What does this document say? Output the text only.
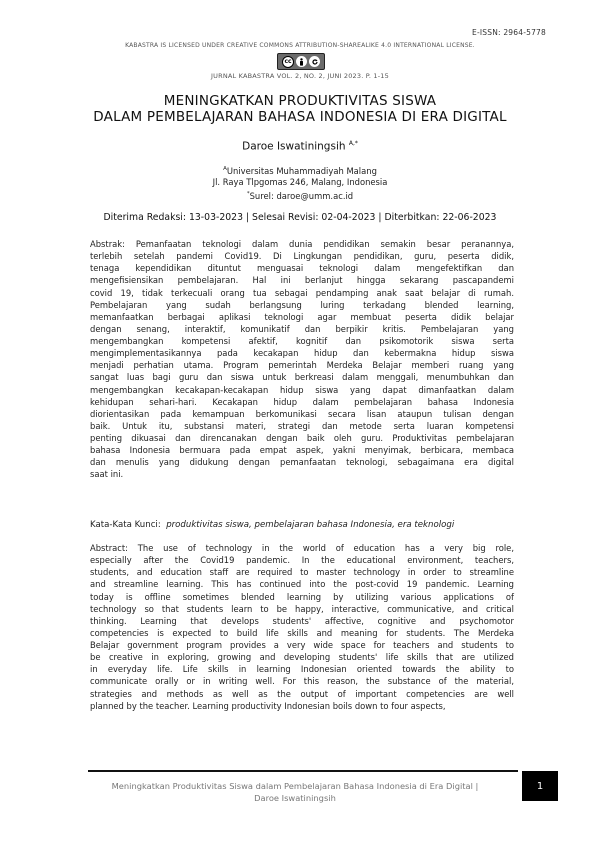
E-ISSN: 2964-5778
KABASTRA IS LICENSED UNDER CREATIVE COMMONS ATTRIBUTION-SHAREALIKE 4.0 INTERNATIONAL LICENSE.
cc
JURNAL KABASTRA VOL. 2, NO. 2, JUNI 2023. P. 1-15
MENINGKATKAN PRODUKTIVITAS SISWA
DALAM PEMBELAJARAN BAHASA INDONESIA DI ERA DIGITAL
Daroe Iswatiningsih $^{A,*}$
$^A$Universitas Muhammadiyah Malang
Jl. Raya Tlpgomas 246, Malang, Indonesia
*Surel: daroe@umm.ac.id
Diterima Redaksi: 13-03-2023 | Selesai Revisi: 02-04-2023 | Diterbitkan: 22-06-2023
Abstrak: Pemanfaatan teknologi dalam dunia pendidikan semakin besar peranannya,
terlebih setelah pandemi Covid19. Di Lingkungan pendidikan, guru, peserta didik,
tenaga kependidikan dituntut menguasai teknologi dalam mengefektifkan dan
mengefisiensikan pembelajaran. Hal ini berlanjut hingga sekarang pascapandemi
covid 19, tidak terkecuali orang tua sebagai pendamping anak saat belajar di rumah.
Pembelajaran yang sudah berlangsung luring terkadang blended learning,
memanfaatkan berbagai aplikasi teknologi agar membuat peserta didik belajar
dengan senang, interaktif, komunikatif dan berpikir kritis. Pembelajaran yang
mengembangkan kompetensi afektif, kognitif dan psikomotorik siswa serta
mengimplementasikannya pada kecakapan hidup dan kebermakna hidup siswa
menjadi perhatian utama. Program pemerintah Merdeka Belajar memberi ruang yang
sangat luas bagi guru dan siswa untuk berkreasi dalam menggali, menumbuhkan dan
mengembangkan kecakapan-kecakapan hidup siswa yang dapat dimanfaatkan dalam
kehidupan sehari-hari. Kecakapan hidup dalam pembelajaran bahasa Indonesia
diorientasikan pada kemampuan berkomunikasi secara lisan ataupun tulisan dengan
baik. Untuk itu, substansi materi, strategi dan metode serta luaran kompetensi
penting dikuasai dan direncanakan dengan baik oleh guru. Produktivitas pembelajaran
bahasa Indonesia bermuara pada empat aspek, yakni menyimak, berbicara, membaca
dan menulis yang didukung dengan pemanfaatan teknologi, sebagaimana era digital
saat ini.
Kata-Kata Kunci: produktivitas siswa, pembelajaran bahasa Indonesia, era teknologi
Abstract: The use of technology in the world of education has a very big role,
especially after the Covid19 pandemic. In the educational environment, teachers,
students, and education staff are required to master technology in order to streamline
and streamline learning. This has continued into the post-covid 19 pandemic. Learning
today is offline sometimes blended learning by utilizing various applications of
technology so that students learn to be happy, interactive, communicative, and critical
thinking. Learning that develops students' affective, cognitive and psychomotor
competencies is expected to build life skills and meaning for students. The Merdeka
Belajar government program provides a very wide space for teachers and students to
be creative in exploring, growing and developing students' life skills that are utilized
in everyday life. Life skills in learning Indonesian oriented towards the ability to
communicate orally or in writing well. For this reason, the substance of the material,
strategies and methods as well as the output of important competencies are well
planned by the teacher. Learning productivity Indonesian boils down to four aspects,
Meningkatkan Produktivitas Siswa dalam Pembelajaran Bahasa Indonesia di Era Digital |
Daroe Iswatiningsih
1
